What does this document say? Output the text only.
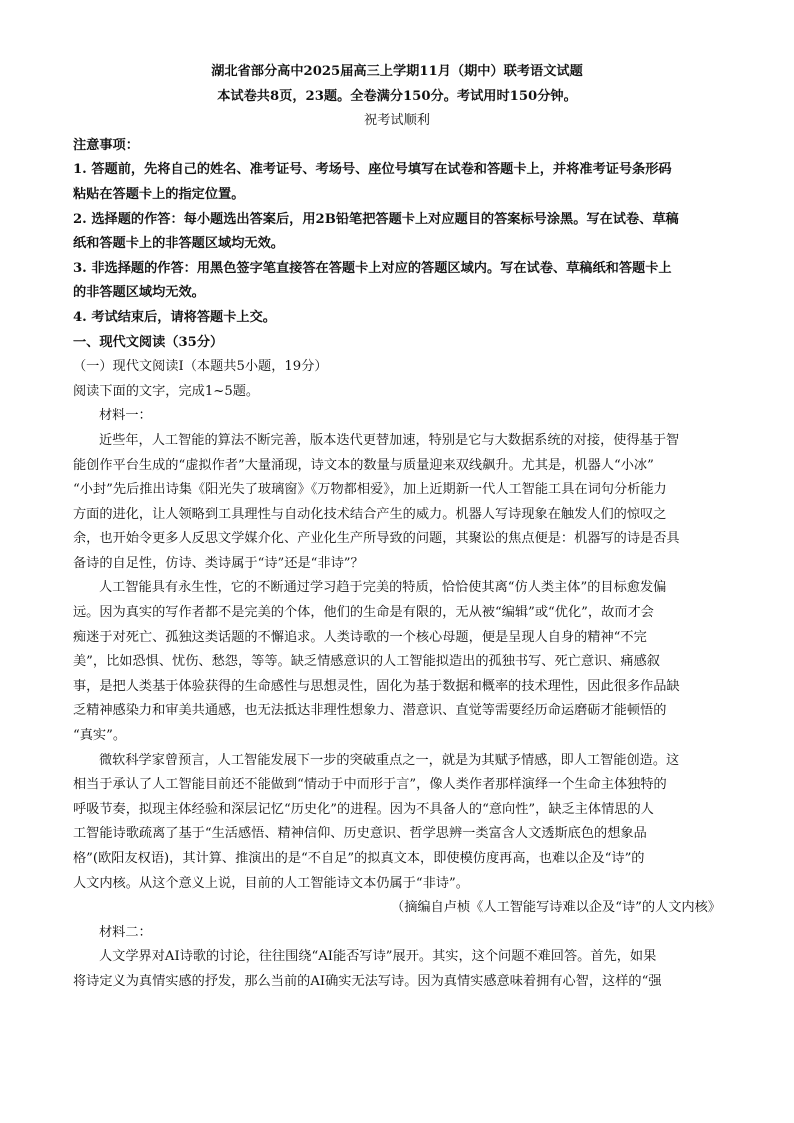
湖北省部分高中2025届高三上学期11月（期中）联考语文试题
本试卷共8页，23题。全卷满分150分。考试用时150分钟。
祝考试顺利
注意事项：
1. 答题前，先将自己的姓名、准考证号、考场号、座位号填写在试卷和答题卡上，并将准考证号条形码
粘贴在答题卡上的指定位置。
2. 选择题的作答：每小题选出答案后，用2B铅笔把答题卡上对应题目的答案标号涂黑。写在试卷、草稿
纸和答题卡上的非答题区域均无效。
3. 非选择题的作答：用黑色签字笔直接答在答题卡上对应的答题区域内。写在试卷、草稿纸和答题卡上
的非答题区域均无效。
4. 考试结束后，请将答题卡上交。
一、现代文阅读（35分）
（一）现代文阅读Ⅰ（本题共5小题，19分）
阅读下面的文字，完成1~5题。
材料一：
近些年，人工智能的算法不断完善，版本迭代更替加速，特别是它与大数据系统的对接，使得基于智
能创作平台生成的“虚拟作者”大量涌现，诗文本的数量与质量迎来双线飙升。尤其是，机器人“小冰”
“小封”先后推出诗集《阳光失了玻璃窗》《万物都相爱》，加上近期新一代人工智能工具在词句分析能力
方面的进化，让人领略到工具理性与自动化技术结合产生的威力。机器人写诗现象在触发人们的惊叹之
余，也开始令更多人反思文学媒介化、产业化生产所导致的问题，其聚讼的焦点便是：机器写的诗是否具
备诗的自足性，仿诗、类诗属于“诗”还是“非诗”？
人工智能具有永生性，它的不断通过学习趋于完美的特质，恰恰使其离“仿人类主体”的目标愈发偏
远。因为真实的写作者都不是完美的个体，他们的生命是有限的，无从被“编辑”或“优化”，故而才会
痴迷于对死亡、孤独这类话题的不懈追求。人类诗歌的一个核心母题，便是呈现人自身的精神“不完
美”，比如恐惧、忧伤、愁怨，等等。缺乏情感意识的人工智能拟造出的孤独书写、死亡意识、痛感叙
事，是把人类基于体验获得的生命感性与思想灵性，固化为基于数据和概率的技术理性，因此很多作品缺
乏精神感染力和审美共通感，也无法抵达非理性想象力、潜意识、直觉等需要经历命运磨砺才能顿悟的
“真实”。
微软科学家曾预言，人工智能发展下一步的突破重点之一，就是为其赋予情感，即人工智能创造。这
相当于承认了人工智能目前还不能做到“情动于中而形于言”，像人类作者那样演绎一个生命主体独特的
呼吸节奏，拟现主体经验和深层记忆“历史化”的进程。因为不具备人的“意向性”，缺乏主体情思的人
工智能诗歌疏离了基于“生活感悟、精神信仰、历史意识、哲学思辨一类富含人文透斯底色的想象品
格”(欧阳友权语)，其计算、推演出的是“不自足”的拟真文本，即使模仿度再高，也难以企及“诗”的
人文内核。从这个意义上说，目前的人工智能诗文本仍属于“非诗”。
（摘编自卢桢《人工智能写诗难以企及“诗”的人文内核》
材料二：
人文学界对AI诗歌的讨论，往往围绕“AI能否写诗”展开。其实，这个问题不难回答。首先，如果
将诗定义为真情实感的抒发，那么当前的AI确实无法写诗。因为真情实感意味着拥有心智，这样的“强
